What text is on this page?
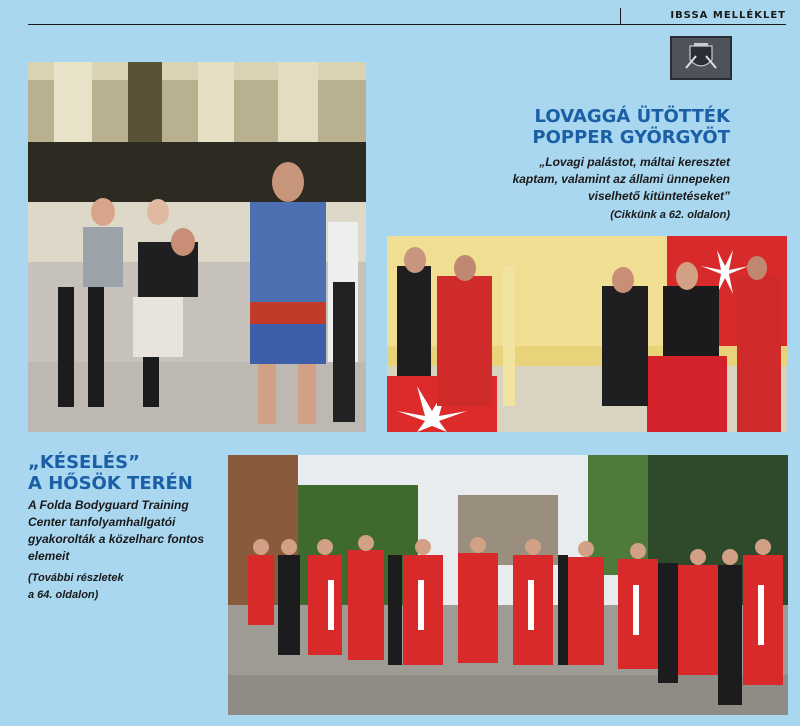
IBSSA MELLÉKLET
LOVAGGÁ ÜTÖTTÉK
POPPER GYÖRGYÖT
„Lovagi palástot, máltai keresztet
kaptam, valamint az állami ünnepeken
viselhető kitüntetéseket”
(Cikkünk a 62. oldalon)
„KÉSELÉS”
A HŐSÖK TERÉN
A Folda Bodyguard Training
Center tanfolyamhallgatói
gyakorolták a közelharc fontos
elemeit
(További részletek
a 64. oldalon)
